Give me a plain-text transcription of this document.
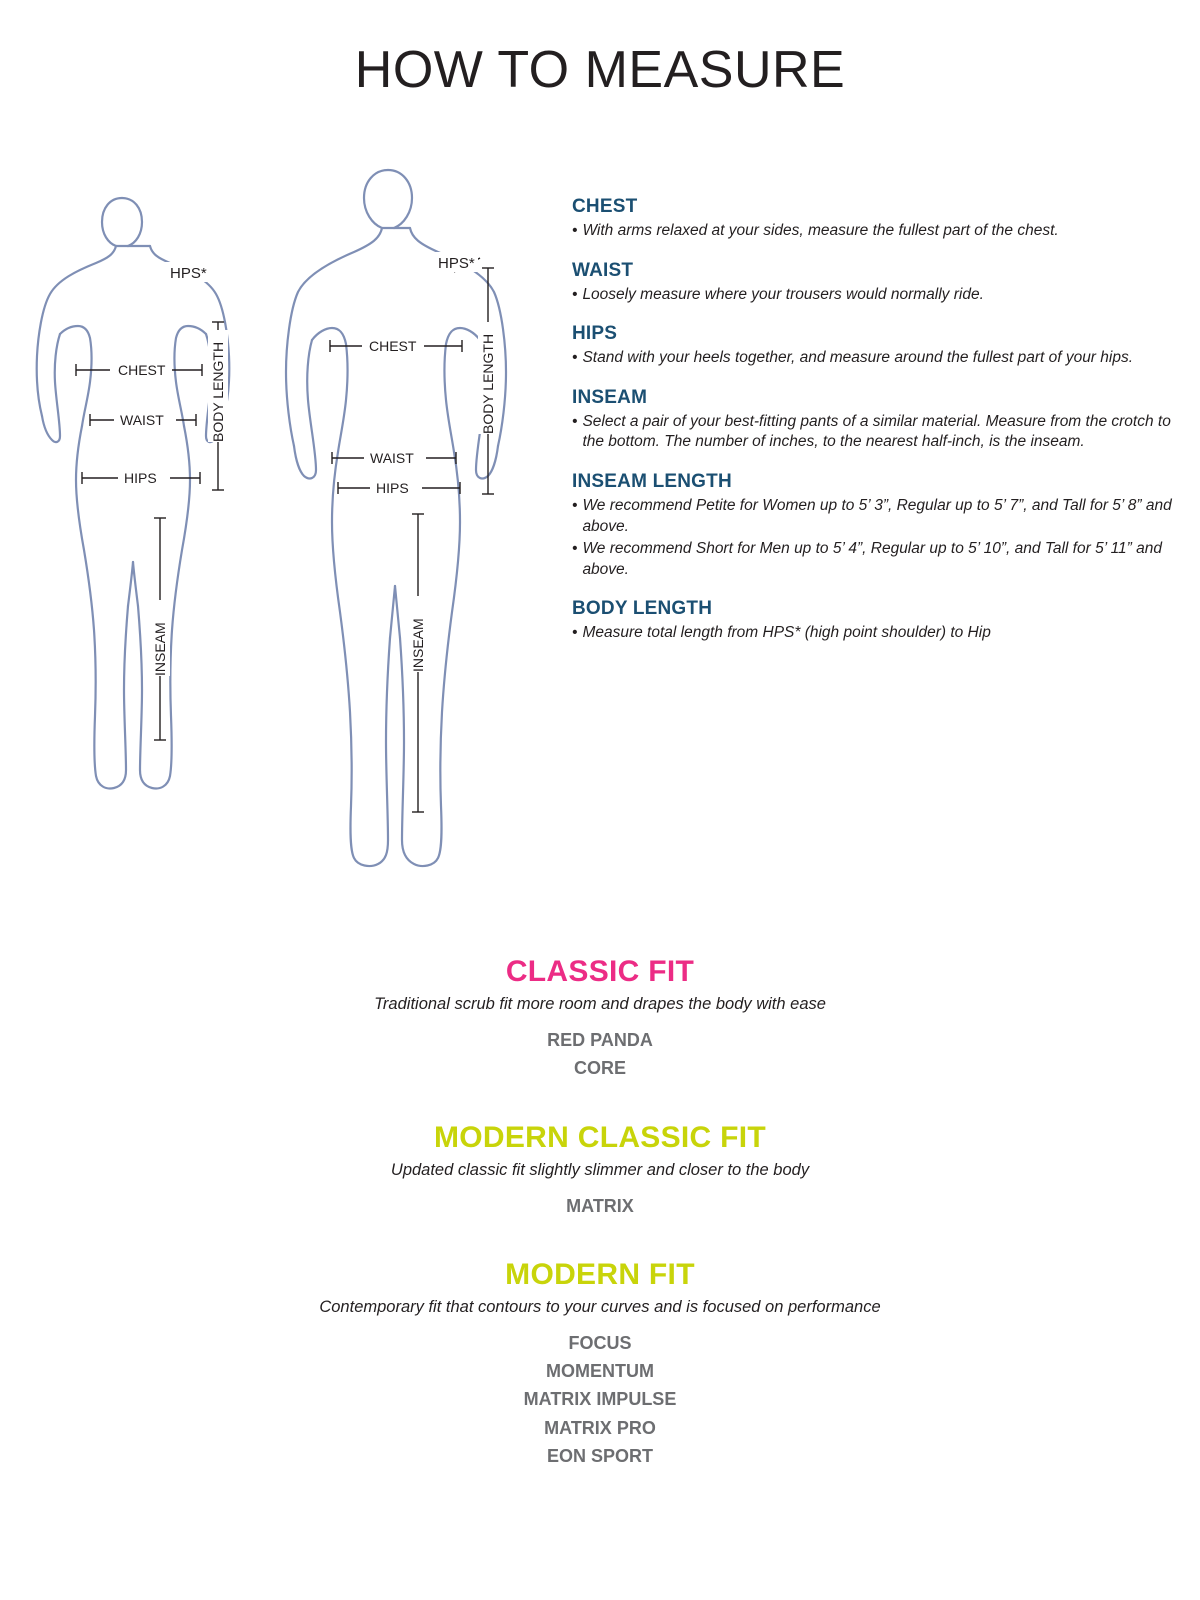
HOW TO MEASURE
HPS*
CHEST
WAIST
HIPS
BODY LENGTH
INSEAM
HPS*
CHEST
WAIST
HIPS
BODY LENGTH
INSEAM
CHEST
• With arms relaxed at your sides, measure the fullest part of the chest.
WAIST
• Loosely measure where your trousers would normally ride.
HIPS
• Stand with your heels together, and measure around the fullest part of your hips.
INSEAM
• Select a pair of your best-fitting pants of a similar material. Measure from the crotch to the bottom. The number of inches, to the nearest half-inch, is the inseam.
INSEAM LENGTH
• We recommend Petite for Women up to 5’ 3”, Regular up to 5’ 7”, and Tall for 5’ 8” and above.
• We recommend Short for Men up to 5’ 4”, Regular up to 5’ 10”, and Tall for 5’ 11” and above.
BODY LENGTH
• Measure total length from HPS* (high point shoulder) to Hip
CLASSIC FIT
Traditional scrub fit more room and drapes the body with ease
RED PANDA
CORE
MODERN CLASSIC FIT
Updated classic fit slightly slimmer and closer to the body
MATRIX
MODERN FIT
Contemporary fit that contours to your curves and is focused on performance
FOCUS
MOMENTUM
MATRIX IMPULSE
MATRIX PRO
EON SPORT
